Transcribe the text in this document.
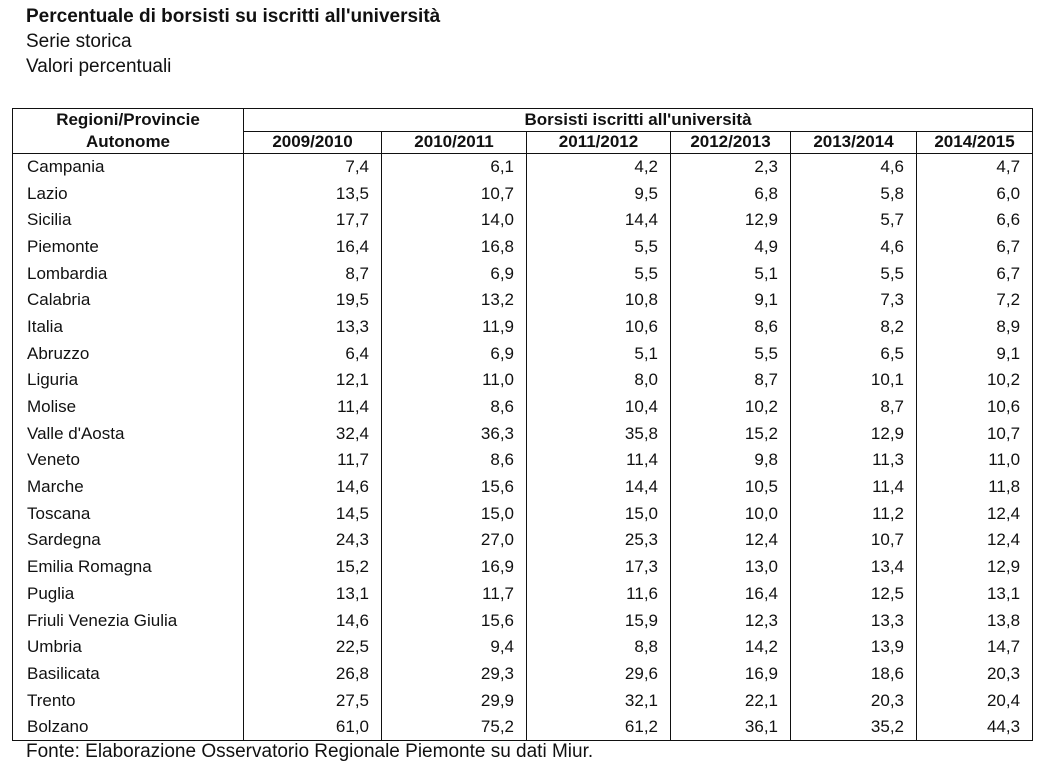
Percentuale di borsisti su iscritti all'università
Serie storica
Valori percentuali
Regioni/Provincie Autonome	Borsisti iscritti all'università					
	2009/2010	2010/2011	2011/2012	2012/2013	2013/2014	2014/2015
Campania	7,4	6,1	4,2	2,3	4,6	4,7
Lazio	13,5	10,7	9,5	6,8	5,8	6,0
Sicilia	17,7	14,0	14,4	12,9	5,7	6,6
Piemonte	16,4	16,8	5,5	4,9	4,6	6,7
Lombardia	8,7	6,9	5,5	5,1	5,5	6,7
Calabria	19,5	13,2	10,8	9,1	7,3	7,2
Italia	13,3	11,9	10,6	8,6	8,2	8,9
Abruzzo	6,4	6,9	5,1	5,5	6,5	9,1
Liguria	12,1	11,0	8,0	8,7	10,1	10,2
Molise	11,4	8,6	10,4	10,2	8,7	10,6
Valle d'Aosta	32,4	36,3	35,8	15,2	12,9	10,7
Veneto	11,7	8,6	11,4	9,8	11,3	11,0
Marche	14,6	15,6	14,4	10,5	11,4	11,8
Toscana	14,5	15,0	15,0	10,0	11,2	12,4
Sardegna	24,3	27,0	25,3	12,4	10,7	12,4
Emilia Romagna	15,2	16,9	17,3	13,0	13,4	12,9
Puglia	13,1	11,7	11,6	16,4	12,5	13,1
Friuli Venezia Giulia	14,6	15,6	15,9	12,3	13,3	13,8
Umbria	22,5	9,4	8,8	14,2	13,9	14,7
Basilicata	26,8	29,3	29,6	16,9	18,6	20,3
Trento	27,5	29,9	32,1	22,1	20,3	20,4
Bolzano	61,0	75,2	61,2	36,1	35,2	44,3
Fonte: Elaborazione Osservatorio Regionale Piemonte su dati Miur.
